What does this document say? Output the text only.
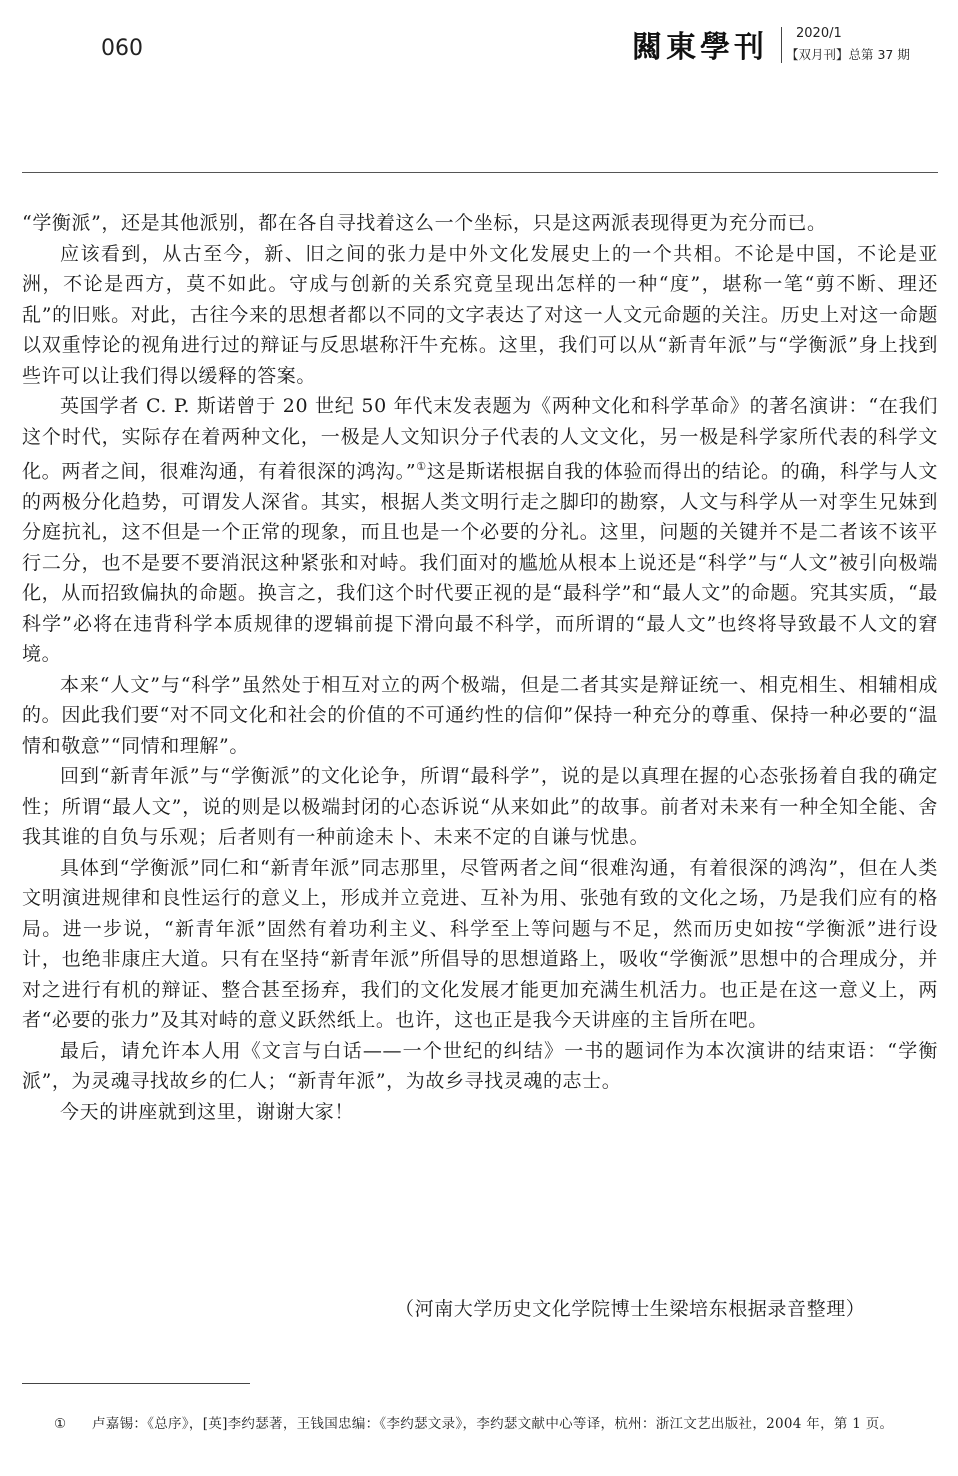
060	闗東學刊 2020/1
【双月刊】总第 37 期

“学衡派”，还是其他派别，都在各自寻找着这么一个坐标，只是这两派表现得更为充分而已。

应该看到，从古至今，新、旧之间的张力是中外文化发展史上的一个共相。不论是中国，不论是亚洲，不论是西方，莫不如此。守成与创新的关系究竟呈现出怎样的一种“度”，堪称一笔“剪不断、理还乱”的旧账。对此，古往今来的思想者都以不同的文字表达了对这一人文元命题的关注。历史上对这一命题以双重悖论的视角进行过的辩证与反思堪称汗牛充栋。这里，我们可以从“新青年派”与“学衡派”身上找到些许可以让我们得以缓释的答案。

英国学者 C. P. 斯诺曾于 20 世纪 50 年代末发表题为《两种文化和科学革命》的著名演讲：“在我们这个时代，实际存在着两种文化，一极是人文知识分子代表的人文文化，另一极是科学家所代表的科学文化。两者之间，很难沟通，有着很深的鸿沟。”①这是斯诺根据自我的体验而得出的结论。的确，科学与人文的两极分化趋势，可谓发人深省。其实，根据人类文明行走之脚印的勘察，人文与科学从一对孪生兄妹到分庭抗礼，这不但是一个正常的现象，而且也是一个必要的分礼。这里，问题的关键并不是二者该不该平行二分，也不是要不要消泯这种紧张和对峙。我们面对的尴尬从根本上说还是“科学”与“人文”被引向极端化，从而招致偏执的命题。换言之，我们这个时代要正视的是“最科学”和“最人文”的命题。究其实质，“最科学”必将在违背科学本质规律的逻辑前提下滑向最不科学，而所谓的“最人文”也终将导致最不人文的窘境。

本来“人文”与“科学”虽然处于相互对立的两个极端，但是二者其实是辩证统一、相克相生、相辅相成的。因此我们要“对不同文化和社会的价值的不可通约性的信仰”保持一种充分的尊重、保持一种必要的“温情和敬意”“同情和理解”。

回到“新青年派”与“学衡派”的文化论争，所谓“最科学”，说的是以真理在握的心态张扬着自我的确定性；所谓“最人文”，说的则是以极端封闭的心态诉说“从来如此”的故事。前者对未来有一种全知全能、舍我其谁的自负与乐观；后者则有一种前途未卜、未来不定的自谦与忧患。

具体到“学衡派”同仁和“新青年派”同志那里，尽管两者之间“很难沟通，有着很深的鸿沟”，但在人类文明演进规律和良性运行的意义上，形成并立竞进、互补为用、张弛有致的文化之场，乃是我们应有的格局。进一步说，“新青年派”固然有着功利主义、科学至上等问题与不足，然而历史如按“学衡派”进行设计，也绝非康庄大道。只有在坚持“新青年派”所倡导的思想道路上，吸收“学衡派”思想中的合理成分，并对之进行有机的辩证、整合甚至扬弃，我们的文化发展才能更加充满生机活力。也正是在这一意义上，两者“必要的张力”及其对峙的意义跃然纸上。也许，这也正是我今天讲座的主旨所在吧。

最后，请允许本人用《文言与白话——一个世纪的纠结》一书的题词作为本次演讲的结束语：“学衡派”，为灵魂寻找故乡的仁人；“新青年派”，为故乡寻找灵魂的志士。

今天的讲座就到这里，谢谢大家！

（河南大学历史文化学院博士生梁培东根据录音整理）
① 卢嘉锡：《总序》，[英]李约瑟著，王钱国忠编：《李约瑟文录》，李约瑟文献中心等译，杭州：浙江文艺出版社，2004 年，第 1 页。
